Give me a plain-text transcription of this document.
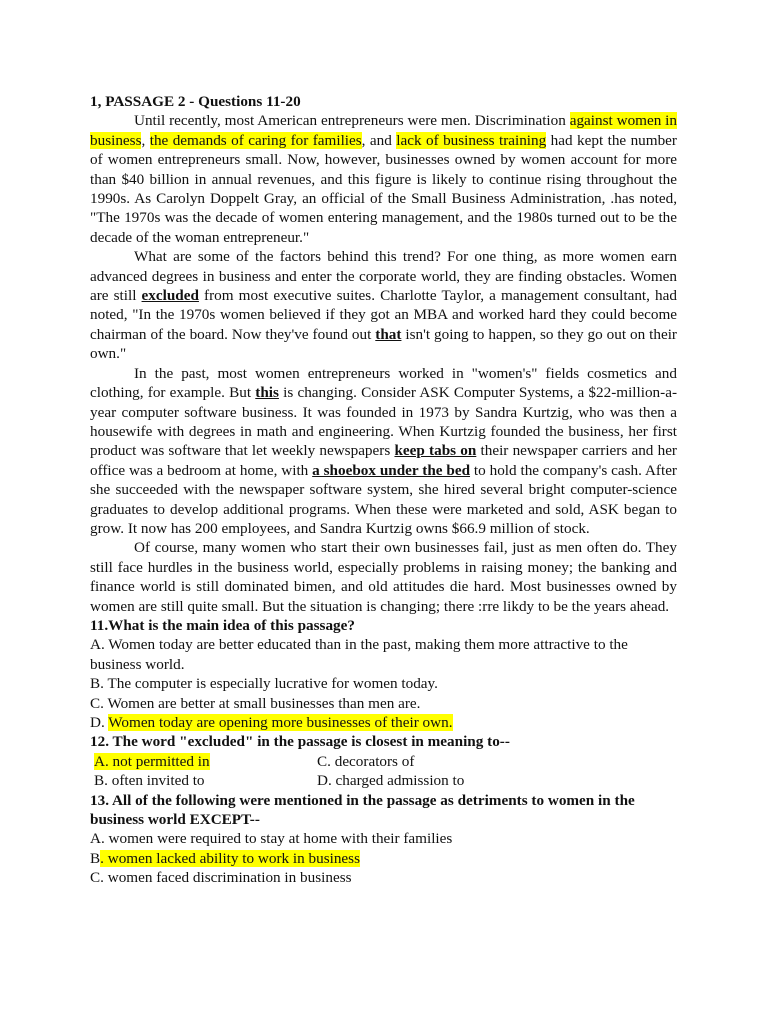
1, PASSAGE 2 - Questions 11-20

Until recently, most American entrepreneurs were men. Discrimination against women in business, the demands of caring for families, and lack of business training had kept the number of women entrepreneurs small. Now, however, businesses owned by women account for more than $40 billion in annual revenues, and this figure is likely to continue rising throughout the 1990s. As Carolyn Doppelt Gray, an official of the Small Business Administration, .has noted, "The 1970s was the decade of women entering management, and the 1980s turned out to be the decade of the woman entrepreneur."

What are some of the factors behind this trend? For one thing, as more women earn advanced degrees in business and enter the corporate world, they are finding obstacles. Women are still excluded from most executive suites. Charlotte Taylor, a management consultant, had noted, "In the 1970s women believed if they got an MBA and worked hard they could become chairman of the board. Now they've found out that isn't going to happen, so they go out on their own."

In the past, most women entrepreneurs worked in "women's" fields cosmetics and clothing, for example. But this is changing. Consider ASK Computer Systems, a $22-million-a-year computer software business. It was founded in 1973 by Sandra Kurtzig, who was then a housewife with degrees in math and engineering. When Kurtzig founded the business, her first product was software that let weekly newspapers keep tabs on their newspaper carriers and her office was a bedroom at home, with a shoebox under the bed to hold the company's cash. After she succeeded with the newspaper software system, she hired several bright computer-science graduates to develop additional programs. When these were marketed and sold, ASK began to grow. It now has 200 employees, and Sandra Kurtzig owns $66.9 million of stock.

Of course, many women who start their own businesses fail, just as men often do. They still face hurdles in the business world, especially problems in raising money; the banking and finance world is still dominated bimen, and old attitudes die hard. Most businesses owned by women are still quite small. But the situation is changing; there :rre likdy to be the years ahead.

11.What is the main idea of this passage?

A. Women today are better educated than in the past, making them more attractive to the business world.

B. The computer is especially lucrative for women today.

C. Women are better at small businesses than men are.

D. Women today are opening more businesses of their own.

12. The word "excluded" in the passage is closest in meaning to--

A. not permitted in	C. decorators of
B. often invited to	D. charged admission to

13. All of the following were mentioned in the passage as detriments to women in the business world EXCEPT--

A. women were required to stay at home with their families

B. women lacked ability to work in business

C. women faced discrimination in business
